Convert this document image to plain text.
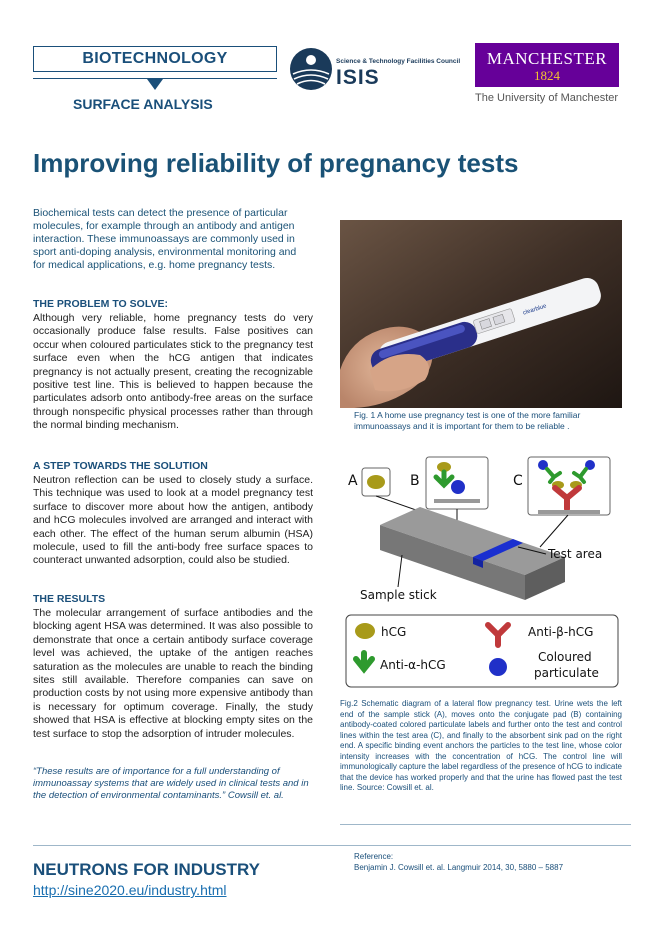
BIOTECHNOLOGY
SURFACE ANALYSIS
Science & Technology Facilities Council
ISIS
MANCHESTER
1824
The University of Manchester
Improving reliability of pregnancy tests
Biochemical tests can detect the presence of particular molecules, for example through an antibody and antigen interaction. These immunoassays are commonly used in sport anti-doping analysis, environmental monitoring and for medical applications, e.g. home pregnancy tests.
THE PROBLEM TO SOLVE:
Although very reliable, home pregnancy tests do very occasionally produce false results. False positives can occur when coloured particulates stick to the pregnancy test surface even when the hCG antigen that indicates pregnancy is not actually present, creating the recognizable positive test line. This is believed to happen because the particulates adsorb onto antibody-free areas on the surface through nonspecific physical processes rather than through the normal binding mechanism.
A STEP TOWARDS THE SOLUTION
Neutron reflection can be used to closely study a surface. This technique was used to look at a model pregnancy test surface to discover more about how the antigen, antibody and hCG molecules involved are arranged and interact with each other. The effect of the human serum albumin (HSA) molecule, used to fill the anti-body free surface spaces to counteract unwanted adsorption, could also be studied.
THE RESULTS
The molecular arrangement of surface antibodies and the blocking agent HSA was determined. It was also possible to demonstrate that once a certain antibody surface coverage level was achieved, the uptake of the antigen reaches saturation as the molecules are unable to reach the binding sites still available. Therefore companies can save on production costs by not using more expensive antibody than is necessary for optimum coverage. Finally, the study showed that HSA is effective at blocking empty sites on the test surface to stop the adsorption of intruder molecules.
“These results are of importance for a full understanding of immunoassay systems that are widely used in clinical tests and in the detection of environmental contaminants.” Cowsill et. al.
clearblue
Fig. 1 A home use pregnancy test is one of the more familiar immunoassays and it is important for them to be reliable .
A	B	C
Test area
Sample stick
hCG	Anti-β-hCG
Anti-α-hCG
Coloured
particulate
Fig.2 Schematic diagram of a lateral flow pregnancy test. Urine wets the left end of the sample stick (A), moves onto the conjugate pad (B) containing antibody-coated colored particulate labels and further onto the test and control lines within the test area (C), and finally to the absorbent sink pad on the right end. A specific binding event anchors the particles to the test line, whose color intensity increases with the concentration of hCG. The control line will immunologically capture the label regardless of the presence of hCG to indicate that the device has worked properly and that the urine has flowed past the test line. Source: Cowsill et. al.
NEUTRONS FOR INDUSTRY
http://sine2020.eu/industry.html
Reference:
Benjamin J. Cowsill et. al. Langmuir 2014, 30, 5880 – 5887
